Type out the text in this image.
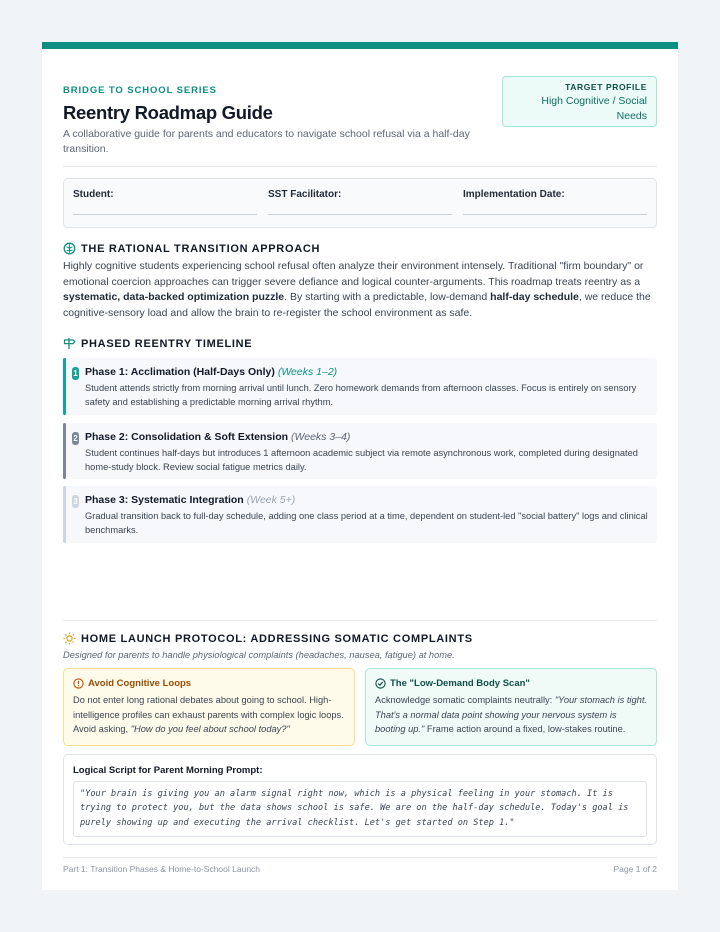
BRIDGE TO SCHOOL SERIES
Reentry Roadmap Guide
A collaborative guide for parents and educators to navigate school refusal via a half-day transition.
TARGET PROFILE
High Cognitive / Social Needs
Student:	SST Facilitator:	Implementation Date:
THE RATIONAL TRANSITION APPROACH
Highly cognitive students experiencing school refusal often analyze their environment intensely. Traditional "firm boundary" or emotional coercion approaches can trigger severe defiance and logical counter-arguments. This roadmap treats reentry as a systematic, data-backed optimization puzzle. By starting with a predictable, low-demand half-day schedule, we reduce the cognitive-sensory load and allow the brain to re-register the school environment as safe.
PHASED REENTRY TIMELINE
1 Phase 1: Acclimation (Half-Days Only) (Weeks 1–2)
Student attends strictly from morning arrival until lunch. Zero homework demands from afternoon classes. Focus is entirely on sensory safety and establishing a predictable morning arrival rhythm.
2 Phase 2: Consolidation & Soft Extension (Weeks 3–4)
Student continues half-days but introduces 1 afternoon academic subject via remote asynchronous work, completed during designated home-study block. Review social fatigue metrics daily.
3 Phase 3: Systematic Integration (Week 5+)
Gradual transition back to full-day schedule, adding one class period at a time, dependent on student-led "social battery" logs and clinical benchmarks.
HOME LAUNCH PROTOCOL: ADDRESSING SOMATIC COMPLAINTS
Designed for parents to handle physiological complaints (headaches, nausea, fatigue) at home.
Avoid Cognitive Loops
Do not enter long rational debates about going to school. High-intelligence profiles can exhaust parents with complex logic loops. Avoid asking, "How do you feel about school today?"
The "Low-Demand Body Scan"
Acknowledge somatic complaints neutrally: "Your stomach is tight. That's a normal data point showing your nervous system is booting up." Frame action around a fixed, low-stakes routine.
Logical Script for Parent Morning Prompt:
"Your brain is giving you an alarm signal right now, which is a physical feeling in your stomach. It is trying to protect you, but the data shows school is safe. We are on the half-day schedule. Today's goal is purely showing up and executing the arrival checklist. Let's get started on Step 1."
Part 1: Transition Phases & Home-to-School Launch	Page 1 of 2
